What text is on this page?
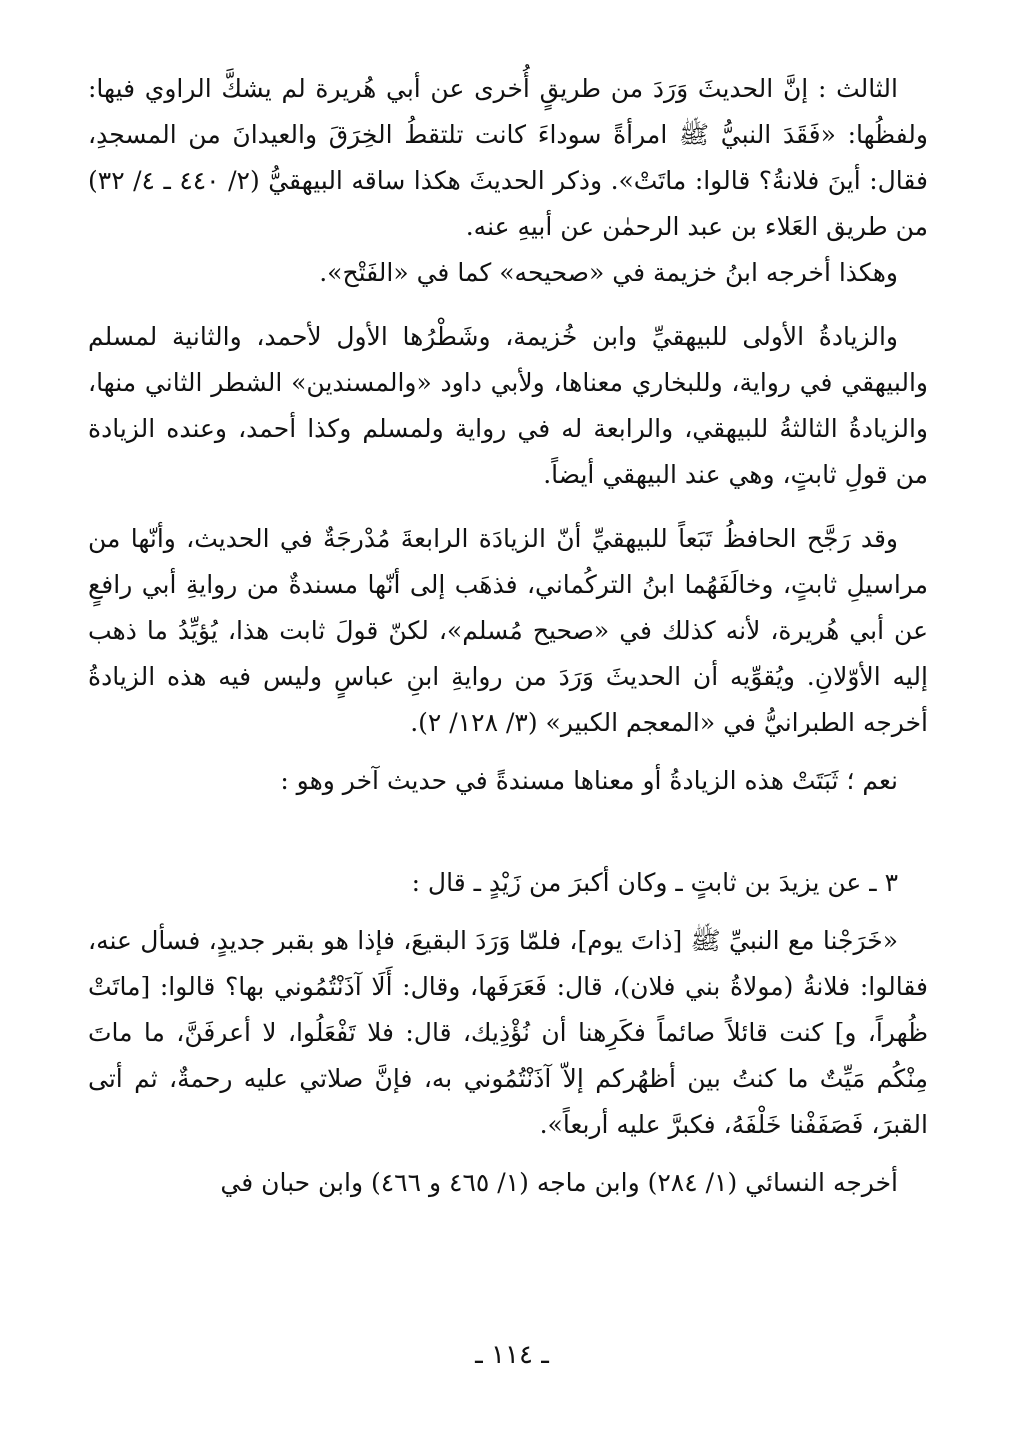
الثالث : إنَّ الحديثَ وَرَدَ من طريقٍ أُخرى عن أبي هُريرة لم يشكَّ الراوي فيها: ولفظُها: «فَقَدَ النبيُّ ﷺ امرأةً سوداءَ كانت تلتقطُ الخِرَقَ والعيدانَ من المسجدِ، فقال: أينَ فلانةُ؟ قالوا: ماتَتْ». وذكر الحديثَ هكذا ساقه البيهقيُّ (٢/ ٤٤٠ ـ ٤/ ٣٢) من طريق العَلاء بن عبد الرحمٰن عن أبيهِ عنه.

وهكذا أخرجه ابنُ خزيمة في «صحيحه» كما في «الفَتْح».

والزيادةُ الأولى للبيهقيِّ وابن خُزيمة، وشَطْرُها الأول لأحمد، والثانية لمسلم والبيهقي في رواية، وللبخاري معناها، ولأبي داود «والمسندين» الشطر الثاني منها، والزيادةُ الثالثةُ للبيهقي، والرابعة له في رواية ولمسلم وكذا أحمد، وعنده الزيادة من قولِ ثابتٍ، وهي عند البيهقي أيضاً.

وقد رَجَّح الحافظُ تَبَعاً للبيهقيِّ أنّ الزيادَة الرابعةَ مُدْرجَةٌ في الحديث، وأنّها من مراسيلِ ثابتٍ، وخالَفَهُما ابنُ التركُماني، فذهَب إلى أنّها مسندةٌ من روايةِ أبي رافعٍ عن أبي هُريرة، لأنه كذلك في «صحيح مُسلم»، لكنّ قولَ ثابت هذا، يُؤيِّدُ ما ذهب إليه الأوّلانِ. ويُقوِّيه أن الحديثَ وَرَدَ من روايةِ ابنِ عباسٍ وليس فيه هذه الزيادةُ أخرجه الطبرانيُّ في «المعجم الكبير» (٣/ ١٢٨/ ٢).

نعم ؛ ثَبَتَتْ هذه الزيادةُ أو معناها مسندةً في حديث آخر وهو :

٣ ـ عن يزيدَ بن ثابتٍ ـ وكان أكبرَ من زَيْدٍ ـ قال :

«خَرَجْنا مع النبيِّ ﷺ [ذاتَ يوم]، فلمّا وَرَدَ البقيعَ، فإذا هو بقبر جديدٍ، فسأل عنه، فقالوا: فلانةُ (مولاةُ بني فلان)، قال: فَعَرَفَها، وقال: أَلَا آذَنْتُمُوني بها؟ قالوا: [ماتَتْ ظُهراً، و] كنت قائلاً صائماً فكَرِهنا أن نُؤْذِيك، قال: فلا تَفْعَلُوا، لا أعرفَنَّ، ما ماتَ مِنْكُم مَيِّتٌ ما كنتُ بين أظهُركم إلاّ آذَنْتُمُوني به، فإنَّ صلاتي عليه رحمةٌ، ثم أتى القبرَ، فَصَفَفْنا خَلْفَهُ، فكبرَّ عليه أربعاً».

أخرجه النسائي (١/ ٢٨٤) وابن ماجه (١/ ٤٦٥ و ٤٦٦) وابن حبان في

ـ ١١٤ ـ
